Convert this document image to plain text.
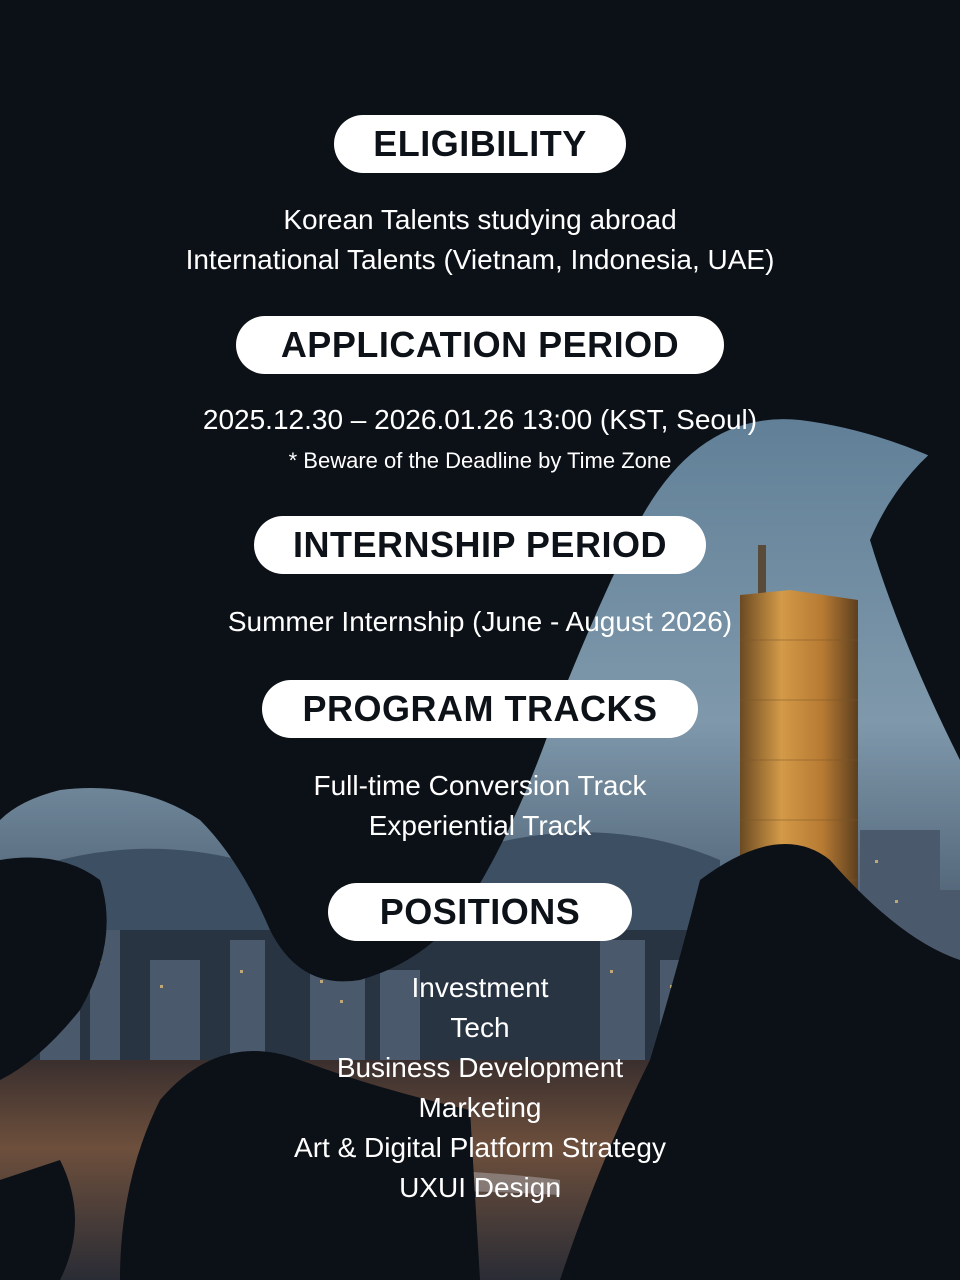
ELIGIBILITY
Korean Talents studying abroad
International Talents (Vietnam, Indonesia, UAE)
APPLICATION PERIOD
2025.12.30 – 2026.01.26 13:00 (KST, Seoul)
* Beware of the Deadline by Time Zone
INTERNSHIP PERIOD
Summer Internship (June - August 2026)
PROGRAM TRACKS
Full-time Conversion Track
Experiential Track
POSITIONS
Investment
Tech
Business Development
Marketing
Art & Digital Platform Strategy
UXUI Design
